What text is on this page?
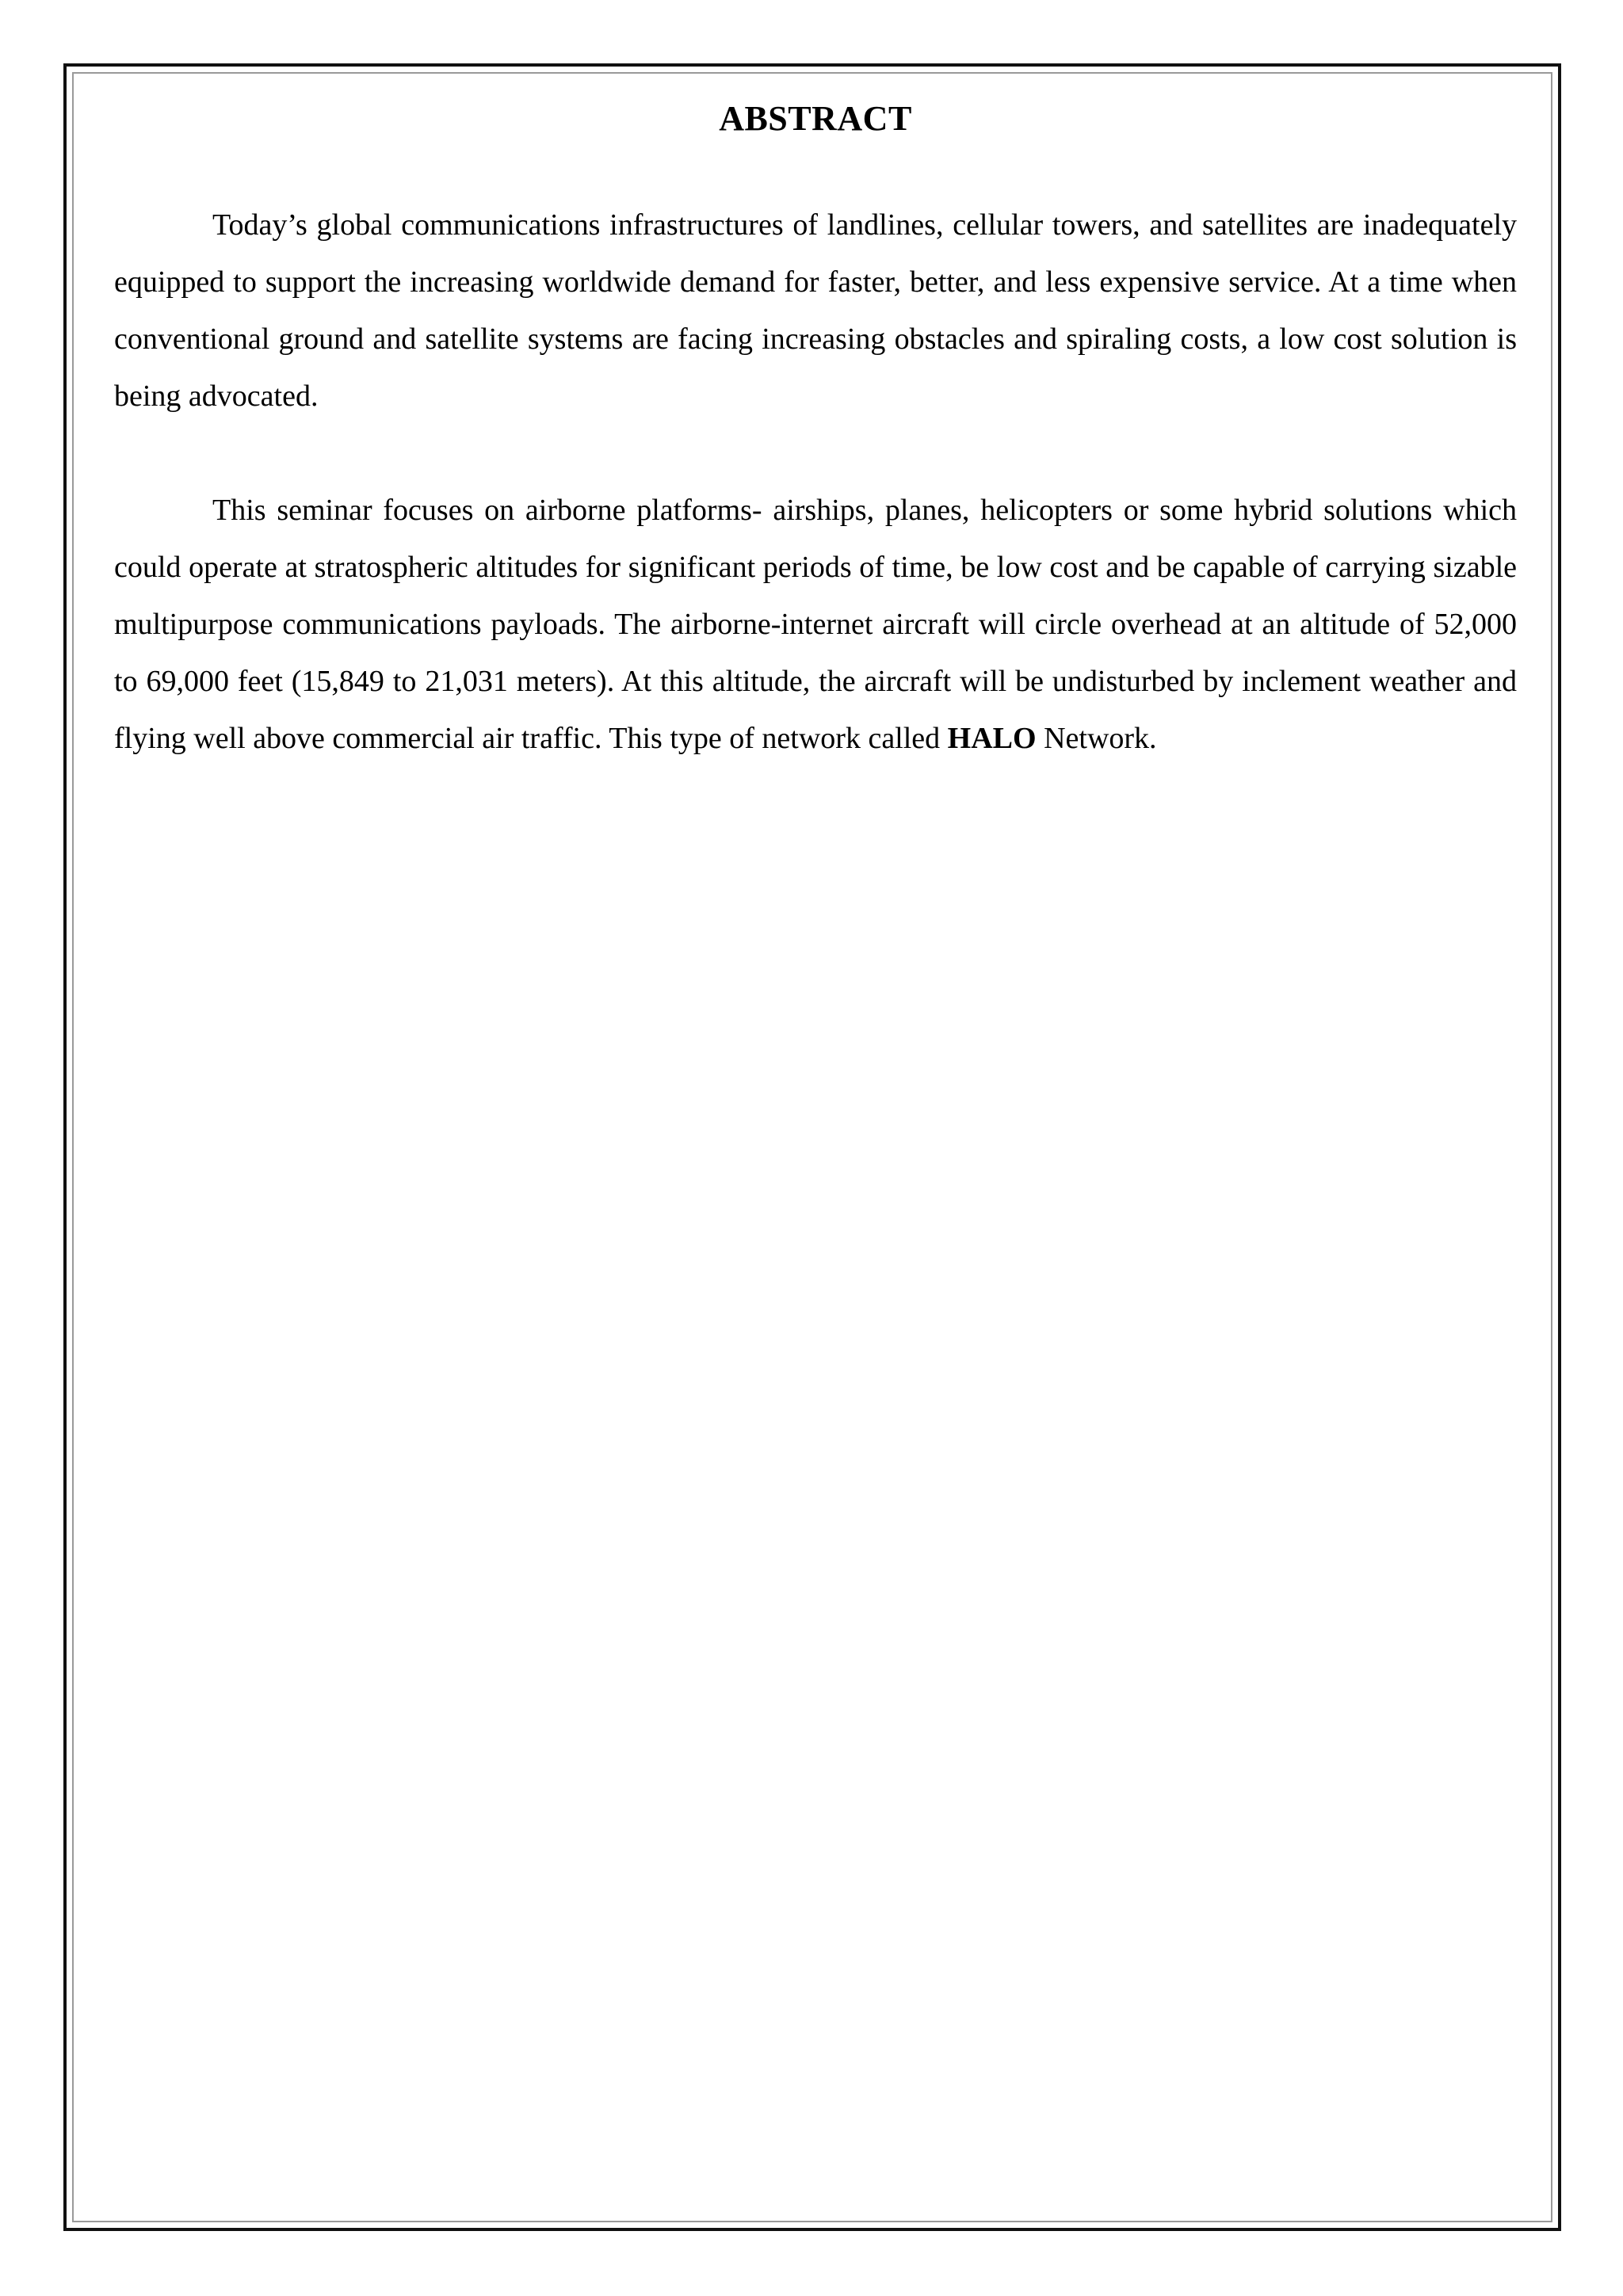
ABSTRACT

Today’s global communications infrastructures of landlines, cellular towers, and satellites are inadequately equipped to support the increasing worldwide demand for faster, better, and less expensive service. At a time when conventional ground and satellite systems are facing increasing obstacles and spiraling costs, a low cost solution is being advocated.

This seminar focuses on airborne platforms- airships, planes, helicopters or some hybrid solutions which could operate at stratospheric altitudes for significant periods of time, be low cost and be capable of carrying sizable multipurpose communications payloads. The airborne-internet aircraft will circle overhead at an altitude of 52,000 to 69,000 feet (15,849 to 21,031 meters). At this altitude, the aircraft will be undisturbed by inclement weather and flying well above commercial air traffic. This type of network called HALO Network.
